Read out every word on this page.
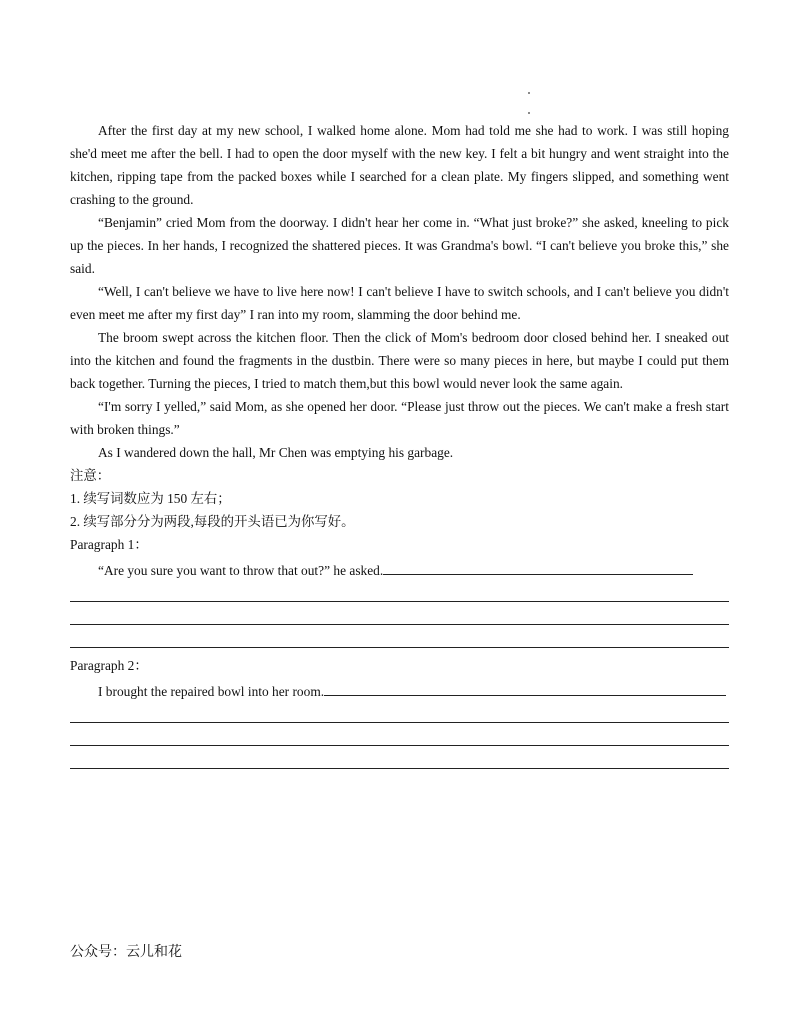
After the first day at my new school, I walked home alone. Mom had told me she had to work. I was still hoping she'd meet me after the bell. I had to open the door myself with the new key. I felt a bit hungry and went straight into the kitchen, ripping tape from the packed boxes while I searched for a clean plate. My fingers slipped, and something went crashing to the ground.

“Benjamin” cried Mom from the doorway. I didn't hear her come in. “What just broke?” she asked, kneeling to pick up the pieces. In her hands, I recognized the shattered pieces. It was Grandma's bowl. “I can't believe you broke this,” she said.

“Well, I can't believe we have to live here now! I can't believe I have to switch schools, and I can't believe you didn't even meet me after my first day” I ran into my room, slamming the door behind me.

The broom swept across the kitchen floor. Then the click of Mom's bedroom door closed behind her. I sneaked out into the kitchen and found the fragments in the dustbin. There were so many pieces in here, but maybe I could put them back together. Turning the pieces, I tried to match them,but this bowl would never look the same again.

“I'm sorry I yelled,” said Mom, as she opened her door. “Please just throw out the pieces. We can't make a fresh start with broken things.”

As I wandered down the hall, Mr Chen was emptying his garbage.

注意：

1. 续写词数应为 150 左右；

2. 续写部分分为两段,每段的开头语已为你写好。

Paragraph 1：

“Are you sure you want to throw that out?” he asked.

Paragraph 2：

I brought the repaired bowl into her room.
公众号：云儿和花
